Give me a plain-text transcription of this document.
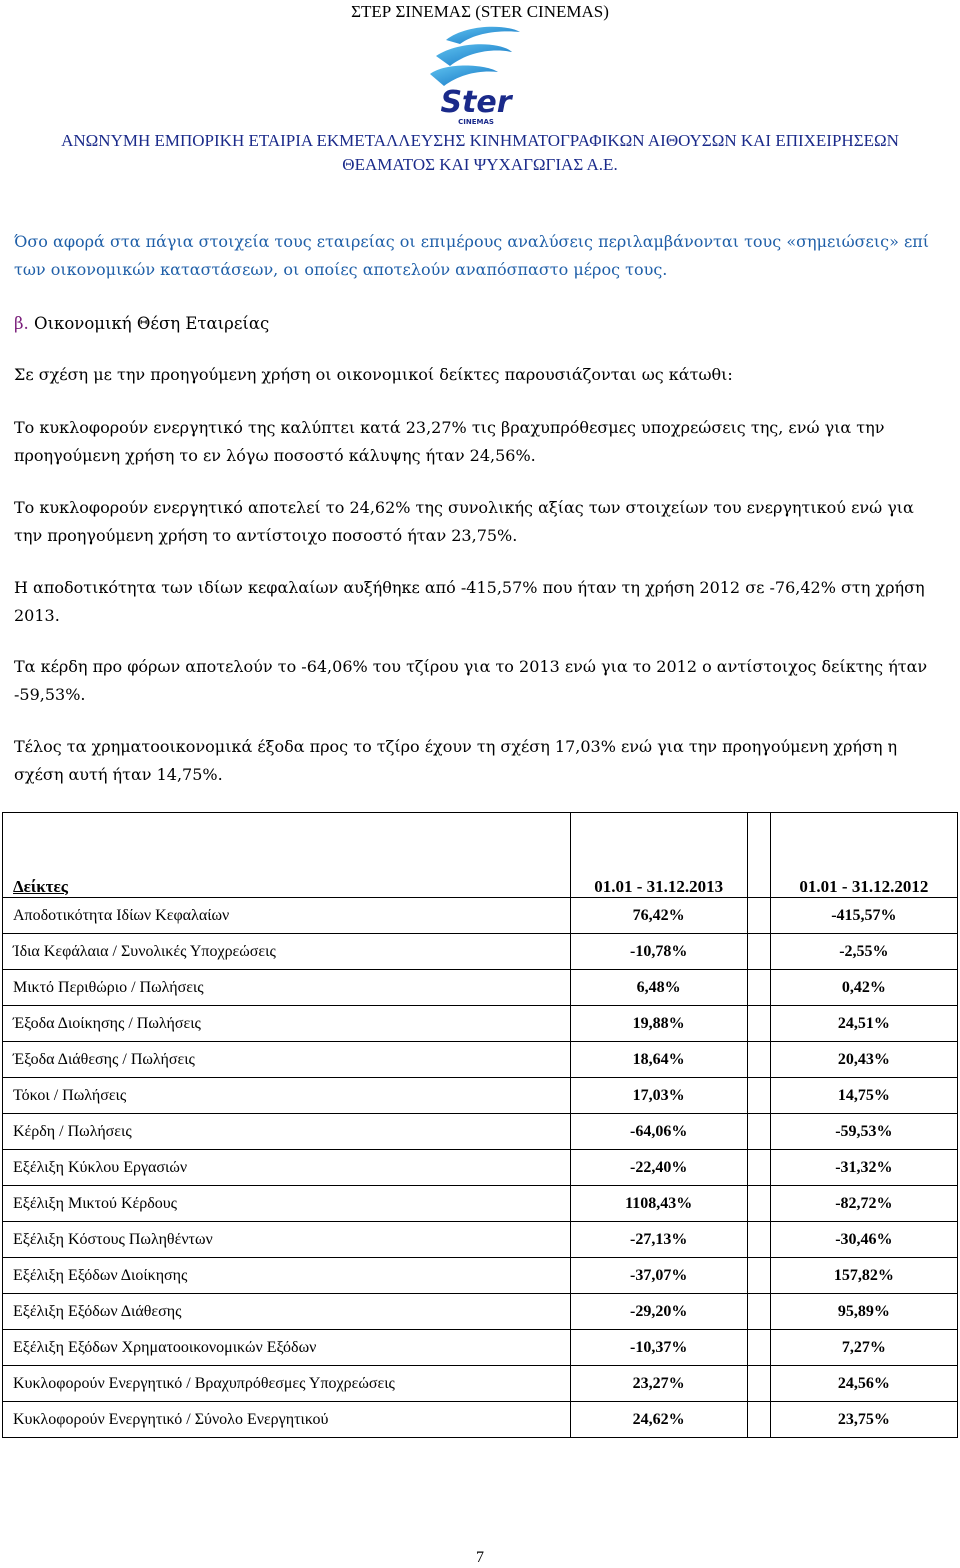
ΣΤΕΡ ΣΙΝΕΜΑΣ (STER CINEMAS)
Ster
CINEMAS
ΑΝΩΝΥΜΗ ΕΜΠΟΡΙΚΗ ΕΤΑΙΡΙΑ ΕΚΜΕΤΑΛΛΕΥΣΗΣ ΚΙΝΗΜΑΤΟΓΡΑΦΙΚΩΝ ΑΙΘΟΥΣΩΝ ΚΑΙ ΕΠΙΧΕΙΡΗΣΕΩΝ
ΘΕΑΜΑΤΟΣ ΚΑΙ ΨΥΧΑΓΩΓΙΑΣ Α.Ε.
Όσο αφορά στα πάγια στοιχεία τους εταιρείας οι επιμέρους αναλύσεις περιλαμβάνονται τους «σημειώσεις» επί των οικονομικών καταστάσεων, οι οποίες αποτελούν αναπόσπαστο μέρος τους.
β. Οικονομική Θέση Εταιρείας
Σε σχέση με την προηγούμενη χρήση οι οικονομικοί δείκτες παρουσιάζονται ως κάτωθι:
Το κυκλοφορούν ενεργητικό της καλύπτει κατά 23,27% τις βραχυπρόθεσμες υποχρεώσεις της, ενώ για την προηγούμενη χρήση το εν λόγω ποσοστό κάλυψης ήταν 24,56%.
Το κυκλοφορούν ενεργητικό αποτελεί το 24,62% της συνολικής αξίας των στοιχείων του ενεργητικού ενώ για την προηγούμενη χρήση το αντίστοιχο ποσοστό ήταν 23,75%.
Η αποδοτικότητα των ιδίων κεφαλαίων αυξήθηκε από -415,57% που ήταν τη χρήση 2012 σε -76,42% στη χρήση 2013.
Τα κέρδη προ φόρων αποτελούν το -64,06% του τζίρου για το 2013 ενώ για το 2012 ο αντίστοιχος δείκτης ήταν -59,53%.
Τέλος τα χρηματοοικονομικά έξοδα προς το τζίρο έχουν τη σχέση 17,03% ενώ για την προηγούμενη χρήση η σχέση αυτή ήταν 14,75%.
Δείκτες	01.01 - 31.12.2013		01.01 - 31.12.2012
Αποδοτικότητα Ιδίων Κεφαλαίων	76,42%		-415,57%
Ίδια Κεφάλαια / Συνολικές Υποχρεώσεις	-10,78%		-2,55%
Μικτό Περιθώριο / Πωλήσεις	6,48%		0,42%
Έξοδα Διοίκησης / Πωλήσεις	19,88%		24,51%
Έξοδα Διάθεσης / Πωλήσεις	18,64%		20,43%
Τόκοι / Πωλήσεις	17,03%		14,75%
Κέρδη / Πωλήσεις	-64,06%		-59,53%
Εξέλιξη Κύκλου Εργασιών	-22,40%		-31,32%
Εξέλιξη Μικτού Κέρδους	1108,43%		-82,72%
Εξέλιξη Κόστους Πωληθέντων	-27,13%		-30,46%
Εξέλιξη Εξόδων Διοίκησης	-37,07%		157,82%
Εξέλιξη Εξόδων Διάθεσης	-29,20%		95,89%
Εξέλιξη Εξόδων Χρηματοοικονομικών Εξόδων	-10,37%		7,27%
Κυκλοφορούν Ενεργητικό / Βραχυπρόθεσμες Υποχρεώσεις	23,27%		24,56%
Κυκλοφορούν Ενεργητικό / Σύνολο Ενεργητικού	24,62%		23,75%
7
